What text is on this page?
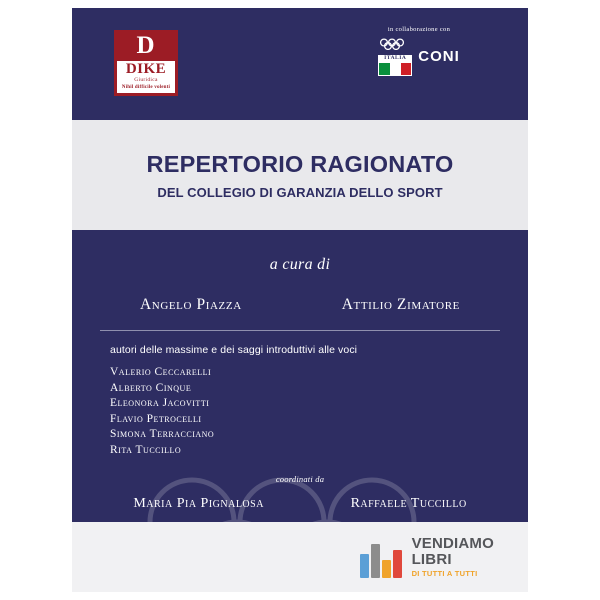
D
DIKE
Giuridica
Nihil difficile volenti
in collaborazione con
ITALIA CONI
REPERTORIO RAGIONATO
DEL COLLEGIO DI GARANZIA DELLO SPORT
a cura di
Angelo Piazza	Attilio Zimatore
autori delle massime e dei saggi introduttivi alle voci
Valerio Ceccarelli
Alberto Cinque
Eleonora Jacovitti
Flavio Petrocelli
Simona Terracciano
Rita Tuccillo
coordinati da
Maria Pia Pignalosa	Raffaele Tuccillo
VENDIAMO
LIBRI
DI TUTTI A TUTTI
